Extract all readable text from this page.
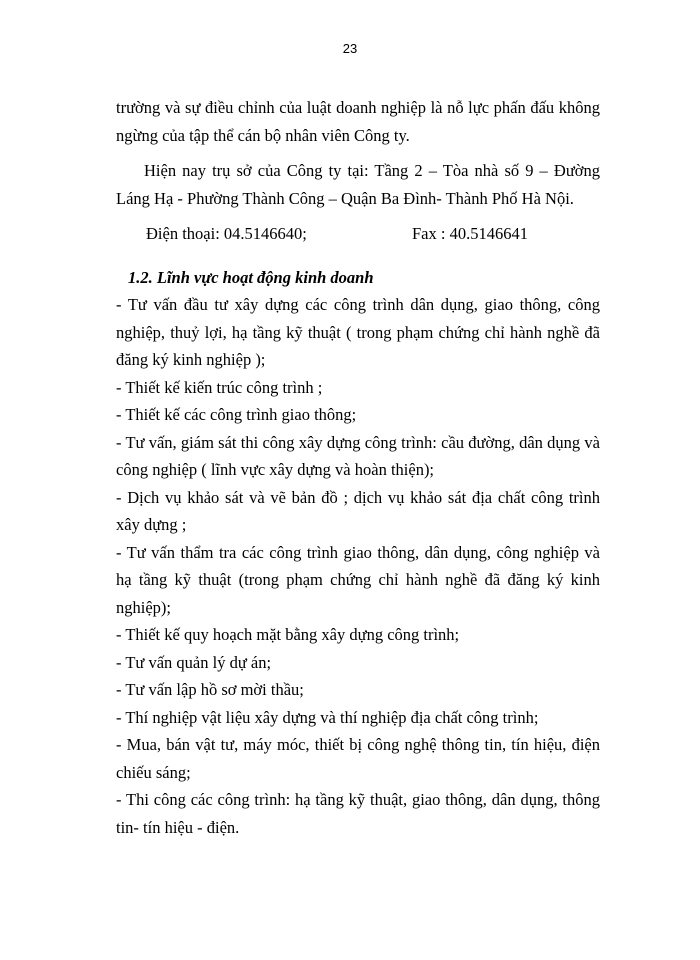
23

trường và sự điều chỉnh của luật doanh nghiệp là nỗ lực phấn đấu không ngừng của tập thể cán bộ nhân viên Công ty.

Hiện nay trụ sở của Công ty tại: Tầng 2 – Tòa nhà số 9 – Đường Láng Hạ - Phường Thành Công – Quận Ba Đình- Thành Phố Hà Nội.

Điện thoại: 04.5146640;	Fax : 40.5146641

1.2. Lĩnh vực hoạt động kinh doanh

- Tư vấn đầu tư xây dựng các công trình dân dụng, giao thông, công nghiệp, thuỷ lợi, hạ tầng kỹ thuật ( trong phạm chứng chỉ hành nghề đã đăng ký kinh nghiệp );

- Thiết kế kiến trúc công trình ;

- Thiết kế các công trình giao thông;

- Tư vấn, giám sát thi công xây dựng công trình: cầu đường, dân dụng và công nghiệp ( lĩnh vực xây dựng và hoàn thiện);

- Dịch vụ khảo sát và vẽ bản đồ ; dịch vụ khảo sát địa chất công trình xây dựng ;

- Tư vấn thẩm tra các công trình giao thông, dân dụng, công nghiệp và hạ tầng kỹ thuật (trong phạm chứng chỉ hành nghề đã đăng ký kinh nghiệp);

- Thiết kế quy hoạch mặt bằng xây dựng công trình;

- Tư vấn quản lý dự án;

- Tư vấn lập hồ sơ mời thầu;

- Thí nghiệp vật liệu xây dựng và thí nghiệp địa chất công trình;

- Mua, bán vật tư, máy móc, thiết bị công nghệ thông tin, tín hiệu, điện chiếu sáng;

- Thi công các công trình: hạ tầng kỹ thuật, giao thông, dân dụng, thông tin- tín hiệu - điện.
